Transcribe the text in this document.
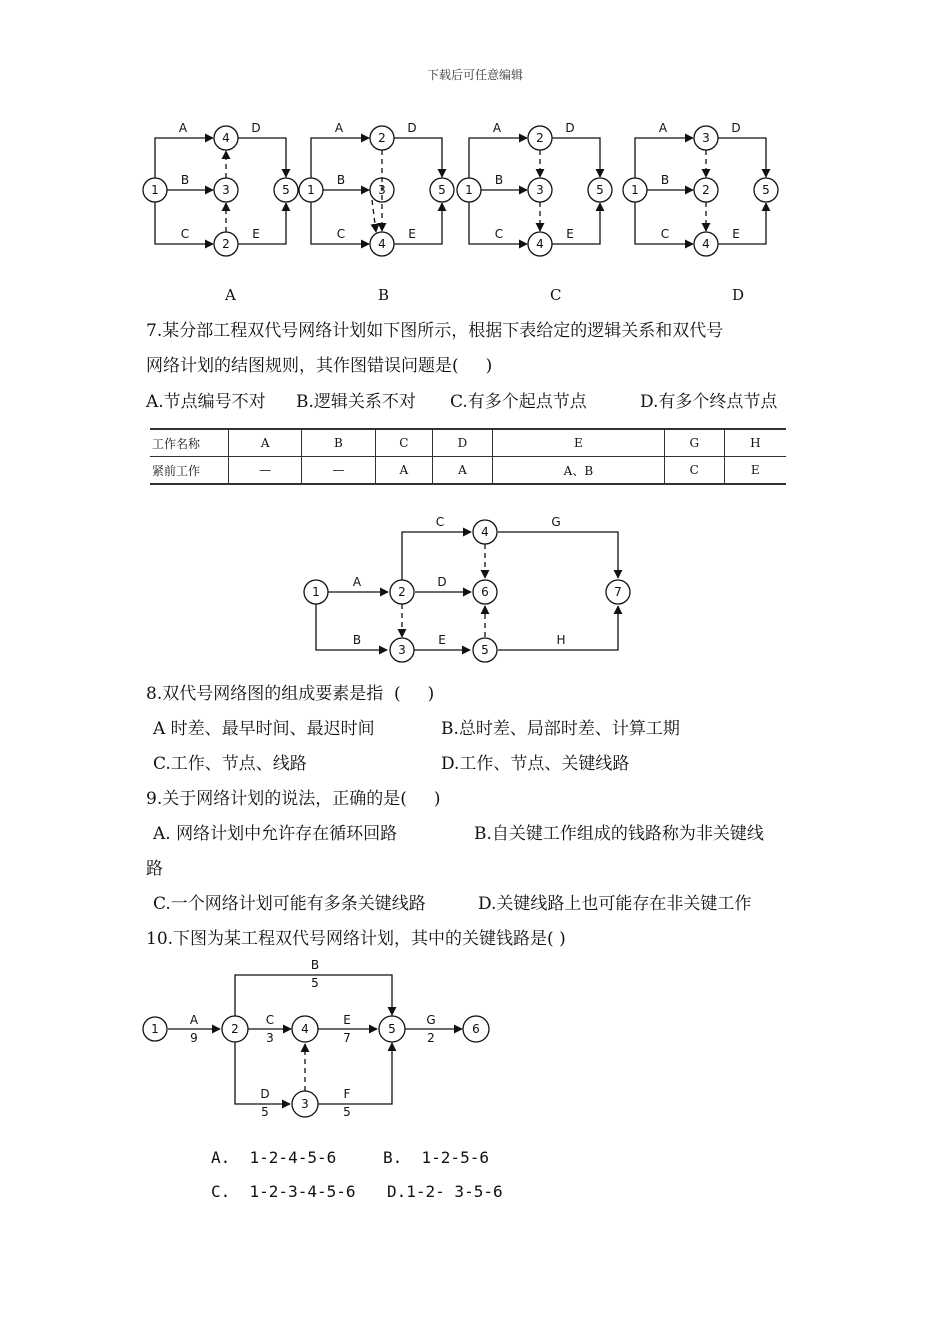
下载后可任意编辑
1
4
3
2
5
A	D
B
C	E
1
2
3
4
5
A	D
B
C	E
1
2
3
4
5
A	D
B
C	E
1
3
2
4
5
A	D
B
C	E
A	B	C	D
7.某分部工程双代号网络计划如下图所示，根据下表给定的逻辑关系和双代号
网络计划的结图规则，其作图错误问题是(     )
A.节点编号不对 B.逻辑关系不对 C.有多个起点节点	D.有多个终点节点
工作名称	A	B	C	D	E	G	H
紧前工作	—	—	A	A	A、B	C	E
1	2
3
4
5
6	7
A
C
D
B	E
G
H
8.双代号网络图的组成要素是指  (     )
A 时差、最早时间、最迟时间	B.总时差、局部时差、计算工期
C.工作、节点、线路	D.工作、节点、关键线路
9.关于网络计划的说法，正确的是(     )
A. 网络计划中允许存在循环回路	B.自关键工作组成的钱路称为非关键线
路
C.一个网络计划可能有多条关键线路	D.关键线路上也可能存在非关键工作
10.下图为某工程双代号网络计划，其中的关键钱路是( )
1	2	4	5	6
3
A
9
C
3
E
7
G
2
B
5
D
5
F
5
A.  1-2-4-5-6	B.  1-2-5-6
C.  1-2-3-4-5-6 D.1-2- 3-5-6
